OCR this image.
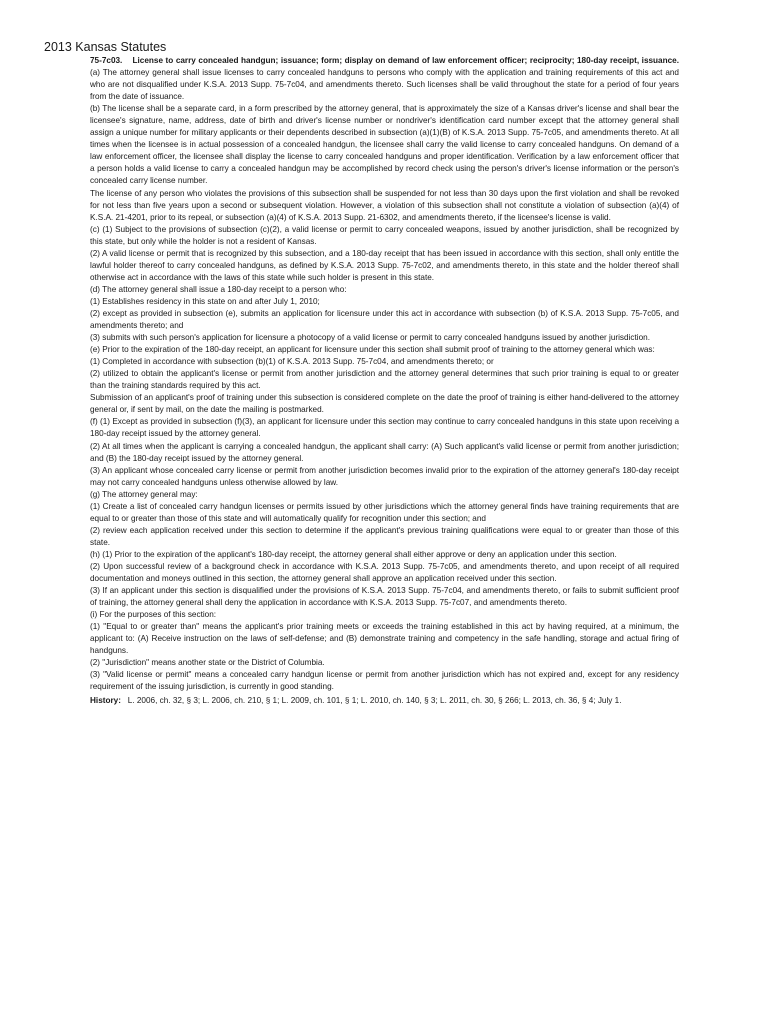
2013 Kansas Statutes

75-7c03. License to carry concealed handgun; issuance; form; display on demand of law enforcement officer; reciprocity; 180-day receipt, issuance. (a) The attorney general shall issue licenses to carry concealed handguns to persons who comply with the application and training requirements of this act and who are not disqualified under K.S.A. 2013 Supp. 75-7c04, and amendments thereto. Such licenses shall be valid throughout the state for a period of four years from the date of issuance.

(b) The license shall be a separate card, in a form prescribed by the attorney general, that is approximately the size of a Kansas driver's license and shall bear the licensee's signature, name, address, date of birth and driver's license number or nondriver's identification card number except that the attorney general shall assign a unique number for military applicants or their dependents described in subsection (a)(1)(B) of K.S.A. 2013 Supp. 75-7c05, and amendments thereto. At all times when the licensee is in actual possession of a concealed handgun, the licensee shall carry the valid license to carry concealed handguns. On demand of a law enforcement officer, the licensee shall display the license to carry concealed handguns and proper identification. Verification by a law enforcement officer that a person holds a valid license to carry a concealed handgun may be accomplished by record check using the person's driver's license information or the person's concealed carry license number.

The license of any person who violates the provisions of this subsection shall be suspended for not less than 30 days upon the first violation and shall be revoked for not less than five years upon a second or subsequent violation. However, a violation of this subsection shall not constitute a violation of subsection (a)(4) of K.S.A. 21-4201, prior to its repeal, or subsection (a)(4) of K.S.A. 2013 Supp. 21-6302, and amendments thereto, if the licensee's license is valid.

(c) (1) Subject to the provisions of subsection (c)(2), a valid license or permit to carry concealed weapons, issued by another jurisdiction, shall be recognized by this state, but only while the holder is not a resident of Kansas.

(2) A valid license or permit that is recognized by this subsection, and a 180-day receipt that has been issued in accordance with this section, shall only entitle the lawful holder thereof to carry concealed handguns, as defined by K.S.A. 2013 Supp. 75-7c02, and amendments thereto, in this state and the holder thereof shall otherwise act in accordance with the laws of this state while such holder is present in this state.

(d) The attorney general shall issue a 180-day receipt to a person who:

(1) Establishes residency in this state on and after July 1, 2010;

(2) except as provided in subsection (e), submits an application for licensure under this act in accordance with subsection (b) of K.S.A. 2013 Supp. 75-7c05, and amendments thereto; and

(3) submits with such person's application for licensure a photocopy of a valid license or permit to carry concealed handguns issued by another jurisdiction.

(e) Prior to the expiration of the 180-day receipt, an applicant for licensure under this section shall submit proof of training to the attorney general which was:

(1) Completed in accordance with subsection (b)(1) of K.S.A. 2013 Supp. 75-7c04, and amendments thereto; or

(2) utilized to obtain the applicant's license or permit from another jurisdiction and the attorney general determines that such prior training is equal to or greater than the training standards required by this act.

Submission of an applicant's proof of training under this subsection is considered complete on the date the proof of training is either hand-delivered to the attorney general or, if sent by mail, on the date the mailing is postmarked.

(f) (1) Except as provided in subsection (f)(3), an applicant for licensure under this section may continue to carry concealed handguns in this state upon receiving a 180-day receipt issued by the attorney general.

(2) At all times when the applicant is carrying a concealed handgun, the applicant shall carry: (A) Such applicant's valid license or permit from another jurisdiction; and (B) the 180-day receipt issued by the attorney general.

(3) An applicant whose concealed carry license or permit from another jurisdiction becomes invalid prior to the expiration of the attorney general's 180-day receipt may not carry concealed handguns unless otherwise allowed by law.

(g) The attorney general may:

(1) Create a list of concealed carry handgun licenses or permits issued by other jurisdictions which the attorney general finds have training requirements that are equal to or greater than those of this state and will automatically qualify for recognition under this section; and

(2) review each application received under this section to determine if the applicant's previous training qualifications were equal to or greater than those of this state.

(h) (1) Prior to the expiration of the applicant's 180-day receipt, the attorney general shall either approve or deny an application under this section.

(2) Upon successful review of a background check in accordance with K.S.A. 2013 Supp. 75-7c05, and amendments thereto, and upon receipt of all required documentation and moneys outlined in this section, the attorney general shall approve an application received under this section.

(3) If an applicant under this section is disqualified under the provisions of K.S.A. 2013 Supp. 75-7c04, and amendments thereto, or fails to submit sufficient proof of training, the attorney general shall deny the application in accordance with K.S.A. 2013 Supp. 75-7c07, and amendments thereto.

(i) For the purposes of this section:

(1) "Equal to or greater than" means the applicant's prior training meets or exceeds the training established in this act by having required, at a minimum, the applicant to: (A) Receive instruction on the laws of self-defense; and (B) demonstrate training and competency in the safe handling, storage and actual firing of handguns.

(2) "Jurisdiction" means another state or the District of Columbia.

(3) "Valid license or permit" means a concealed carry handgun license or permit from another jurisdiction which has not expired and, except for any residency requirement of the issuing jurisdiction, is currently in good standing.

History: L. 2006, ch. 32, § 3; L. 2006, ch. 210, § 1; L. 2009, ch. 101, § 1; L. 2010, ch. 140, § 3; L. 2011, ch. 30, § 266; L. 2013, ch. 36, § 4; July 1.
